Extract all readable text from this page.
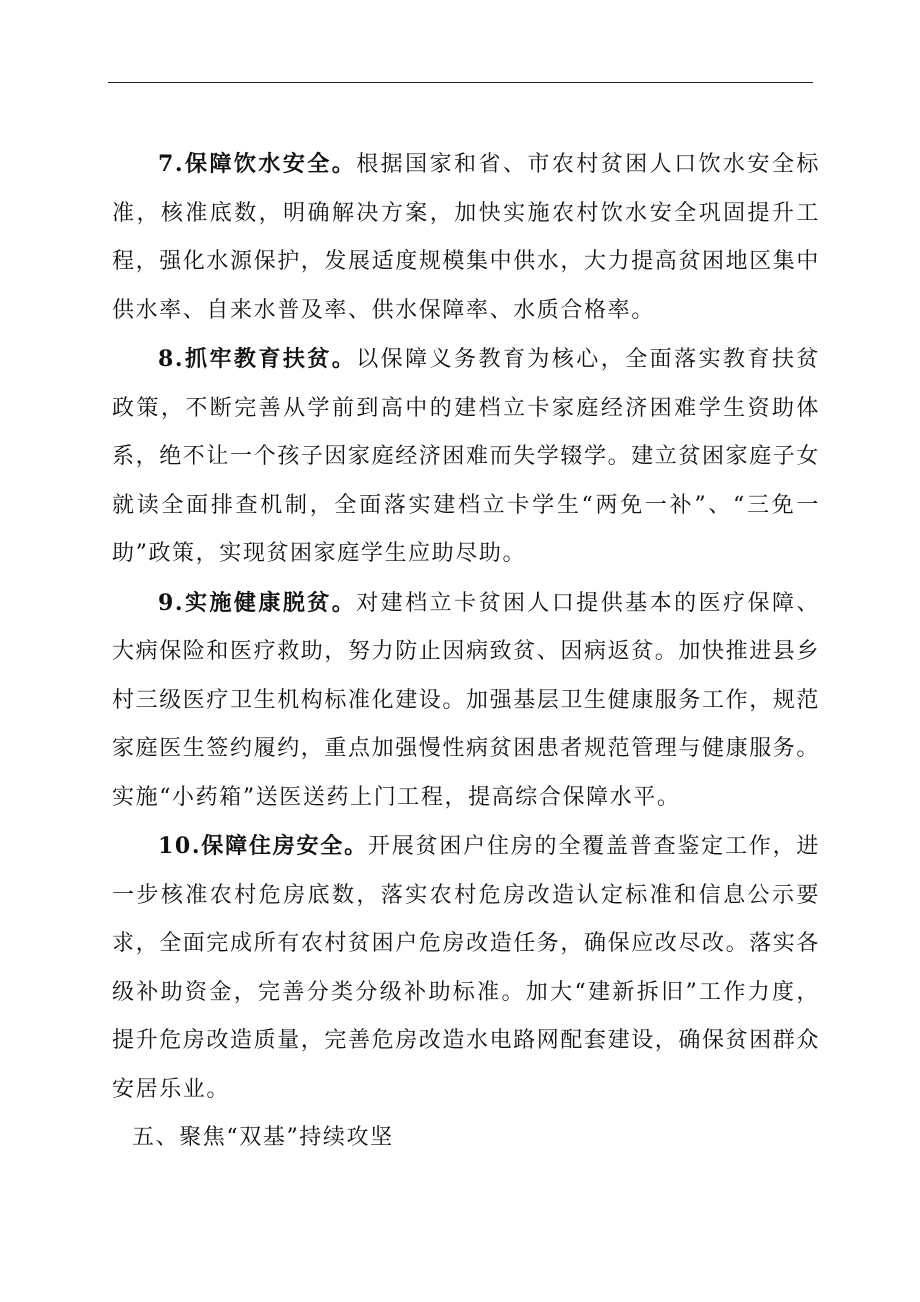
7.保障饮水安全。根据国家和省、市农村贫困人口饮水安全标准，核准底数，明确解决方案，加快实施农村饮水安全巩固提升工程，强化水源保护，发展适度规模集中供水，大力提高贫困地区集中供水率、自来水普及率、供水保障率、水质合格率。

8.抓牢教育扶贫。以保障义务教育为核心，全面落实教育扶贫政策，不断完善从学前到高中的建档立卡家庭经济困难学生资助体系，绝不让一个孩子因家庭经济困难而失学辍学。建立贫困家庭子女就读全面排查机制，全面落实建档立卡学生“两免一补”、“三免一助”政策，实现贫困家庭学生应助尽助。

9.实施健康脱贫。对建档立卡贫困人口提供基本的医疗保障、大病保险和医疗救助，努力防止因病致贫、因病返贫。加快推进县乡村三级医疗卫生机构标准化建设。加强基层卫生健康服务工作，规范家庭医生签约履约，重点加强慢性病贫困患者规范管理与健康服务。实施“小药箱”送医送药上门工程，提高综合保障水平。

10.保障住房安全。开展贫困户住房的全覆盖普查鉴定工作，进一步核准农村危房底数，落实农村危房改造认定标准和信息公示要求，全面完成所有农村贫困户危房改造任务，确保应改尽改。落实各级补助资金，完善分类分级补助标准。加大“建新拆旧”工作力度，提升危房改造质量，完善危房改造水电路网配套建设，确保贫困群众安居乐业。

五、聚焦“双基”持续攻坚
